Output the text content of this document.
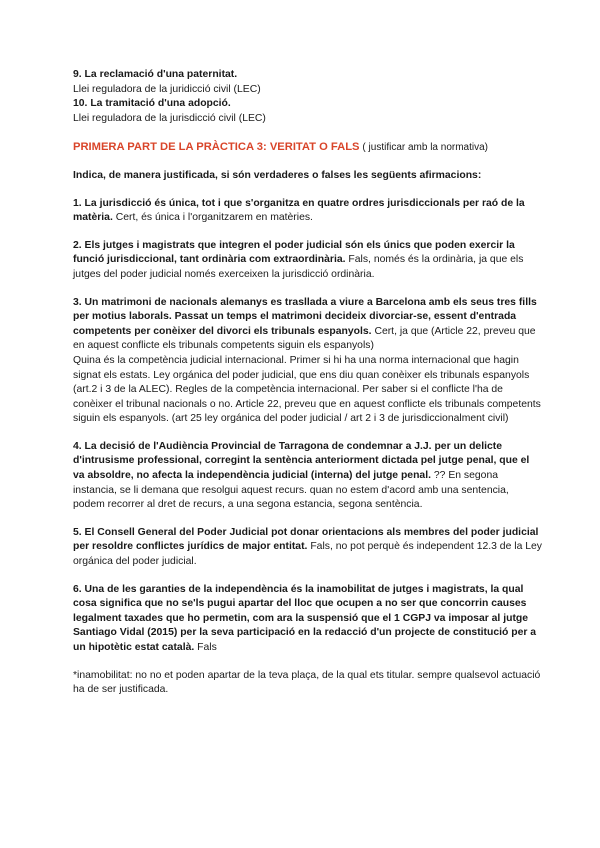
9. La reclamació d'una paternitat.
Llei reguladora de la juridicció civil (LEC)

10. La tramitació d'una adopció.
Llei reguladora de la jurisdicció civil (LEC)

PRIMERA PART DE LA PRÀCTICA 3: VERITAT O FALS ( justificar amb la normativa)

Indica, de manera justificada, si són verdaderes o falses les següents afirmacions:

1. La jurisdicció és única, tot i que s'organitza en quatre ordres jurisdiccionals per raó de la matèria. Cert, és única i l'organitzarem en matèries.

2. Els jutges i magistrats que integren el poder judicial són els únics que poden exercir la funció jurisdiccional, tant ordinària com extraordinària. Fals, només és la ordinària, ja que els jutges del poder judicial només exerceixen la jurisdicció ordinària.

3. Un matrimoni de nacionals alemanys es trasllada a viure a Barcelona amb els seus tres fills per motius laborals. Passat un temps el matrimoni decideix divorciar-se, essent d'entrada competents per conèixer del divorci els tribunals espanyols. Cert, ja que (Article 22, preveu que en aquest conflicte els tribunals competents siguin els espanyols)

Quina és la competència judicial internacional. Primer si hi ha una norma internacional que hagin signat els estats. Ley orgánica del poder judicial, que ens diu quan conèixer els tribunals espanyols (art.2 i 3 de la ALEC). Regles de la competència internacional. Per saber si el conflicte l'ha de conèixer el tribunal nacionals o no. Article 22, preveu que en aquest conflicte els tribunals competents siguin els espanyols. (art 25 ley orgánica del poder judicial / art 2 i 3 de jurisdiccionalment civil)

4. La decisió de l'Audiència Provincial de Tarragona de condemnar a J.J. per un delicte d'intrusisme professional, corregint la sentència anteriorment dictada pel jutge penal, que el va absoldre, no afecta la independència judicial (interna) del jutge penal. ?? En segona instancia, se li demana que resolgui aquest recurs. quan no estem d'acord amb una sentencia, podem recorrer al dret de recurs, a una segona estancia, segona sentència.

5. El Consell General del Poder Judicial pot donar orientacions als membres del poder judicial per resoldre conflictes jurídics de major entitat. Fals, no pot perquè és independent 12.3 de la Ley orgánica del poder judicial.

6. Una de les garanties de la independència és la inamobilitat de jutges i magistrats, la qual cosa significa que no se'ls pugui apartar del lloc que ocupen a no ser que concorrin causes legalment taxades que ho permetin, com ara la suspensió que el 1 CGPJ va imposar al jutge Santiago Vidal (2015) per la seva participació en la redacció d'un projecte de constitució per a un hipotètic estat català. Fals

*inamobilitat: no no et poden apartar de la teva plaça, de la qual ets titular. sempre qualsevol actuació ha de ser justificada.
